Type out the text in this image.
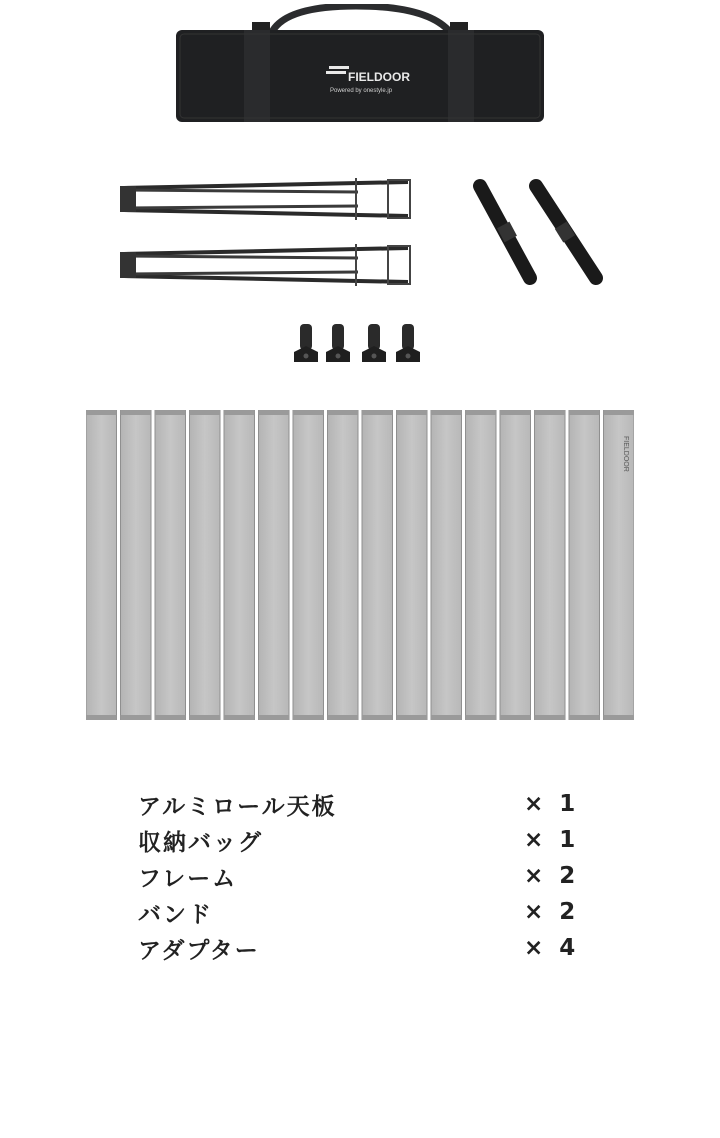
FIELDOOR
Powered by onestyle.jp
FIELDOOR
アルミロール天板	× 1
収納バッグ	× 1
フレーム	× 2
バンド	× 2
アダプター	× 4
